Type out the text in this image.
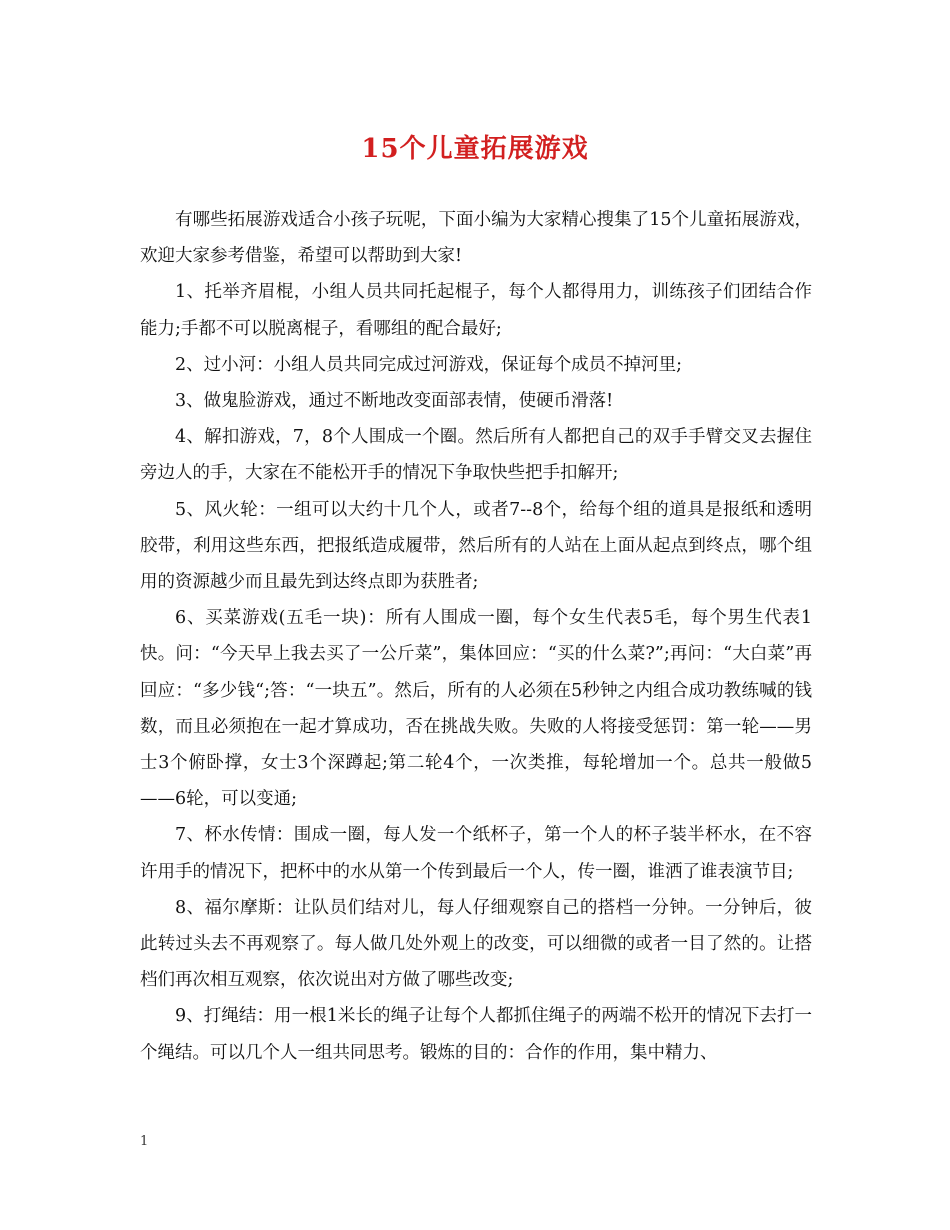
15个儿童拓展游戏

有哪些拓展游戏适合小孩子玩呢，下面小编为大家精心搜集了15个儿童拓展游戏，欢迎大家参考借鉴，希望可以帮助到大家!

1、托举齐眉棍，小组人员共同托起棍子，每个人都得用力，训练孩子们团结合作能力;手都不可以脱离棍子，看哪组的配合最好;

2、过小河：小组人员共同完成过河游戏，保证每个成员不掉河里;

3、做鬼脸游戏，通过不断地改变面部表情，使硬币滑落!

4、解扣游戏，7，8个人围成一个圈。然后所有人都把自己的双手手臂交叉去握住旁边人的手，大家在不能松开手的情况下争取快些把手扣解开;

5、风火轮：一组可以大约十几个人，或者7--8个，给每个组的道具是报纸和透明胶带，利用这些东西，把报纸造成履带，然后所有的人站在上面从起点到终点，哪个组用的资源越少而且最先到达终点即为获胜者;

6、买菜游戏(五毛一块)：所有人围成一圈，每个女生代表5毛，每个男生代表1快。问：“今天早上我去买了一公斤菜”，集体回应：“买的什么菜?”;再问：“大白菜”再回应：“多少钱“;答：“一块五”。然后，所有的人必须在5秒钟之内组合成功教练喊的钱数，而且必须抱在一起才算成功，否在挑战失败。失败的人将接受惩罚：第一轮——男士3个俯卧撑，女士3个深蹲起;第二轮4个，一次类推，每轮增加一个。总共一般做5——6轮，可以变通;

7、杯水传情：围成一圈，每人发一个纸杯子，第一个人的杯子装半杯水，在不容许用手的情况下，把杯中的水从第一个传到最后一个人，传一圈，谁洒了谁表演节目;

8、福尔摩斯：让队员们结对儿，每人仔细观察自己的搭档一分钟。一分钟后，彼此转过头去不再观察了。每人做几处外观上的改变，可以细微的或者一目了然的。让搭档们再次相互观察，依次说出对方做了哪些改变;

9、打绳结：用一根1米长的绳子让每个人都抓住绳子的两端不松开的情况下去打一个绳结。可以几个人一组共同思考。锻炼的目的：合作的作用，集中精力、

1
